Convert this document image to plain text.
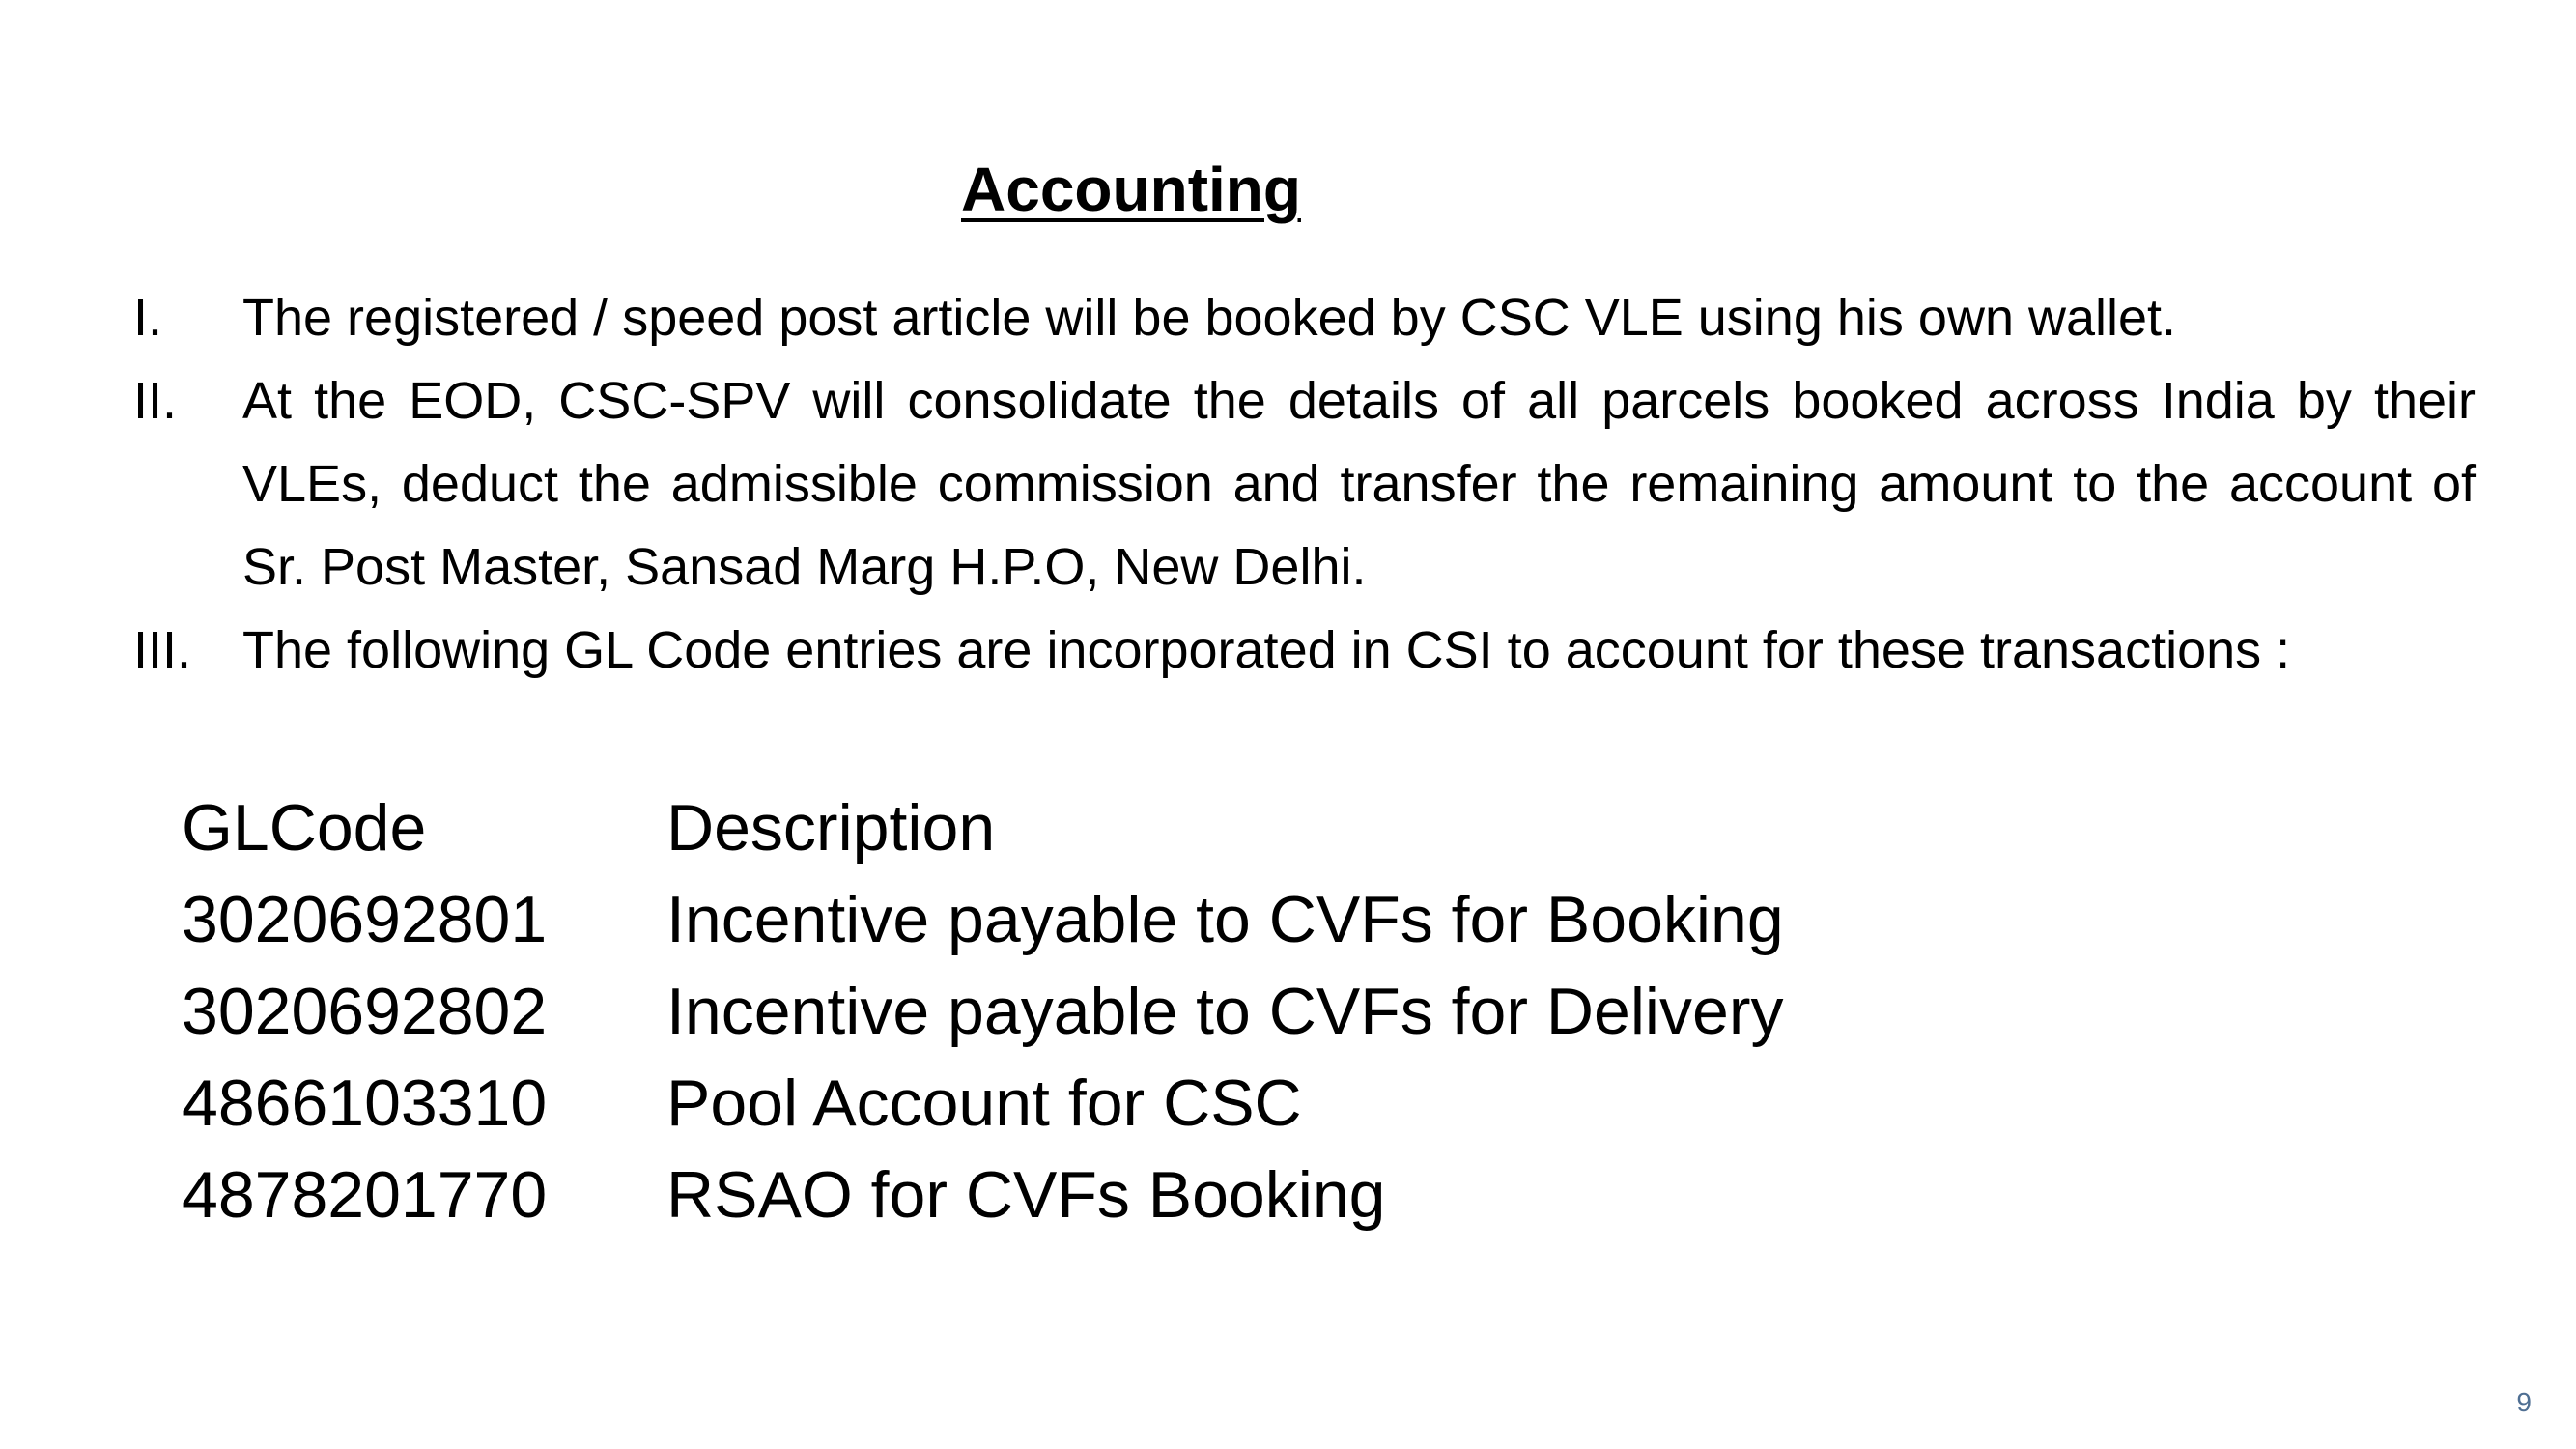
Accounting
I.	The registered / speed post article will be booked by CSC VLE using his own wallet.
II.	At the EOD, CSC-SPV will consolidate the details of all parcels booked across India by their VLEs, deduct the admissible commission and transfer the remaining amount to the account of Sr. Post Master, Sansad Marg H.P.O, New Delhi.
III. The following GL Code entries are incorporated in CSI to account for these transactions :
GLCode	Description
3020692801	Incentive payable to CVFs for Booking
3020692802	Incentive payable to CVFs for Delivery
4866103310	Pool Account for CSC
4878201770	RSAO for CVFs Booking
9
